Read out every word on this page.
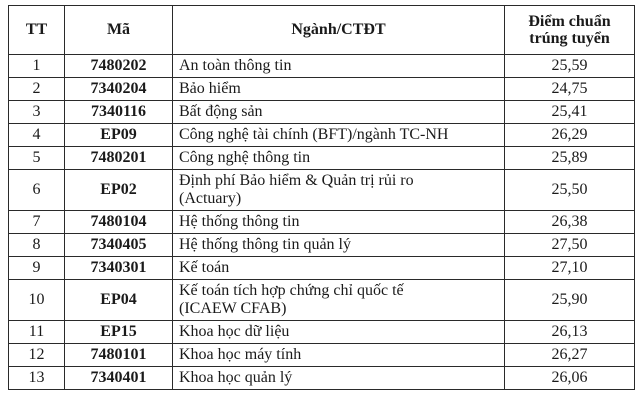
TT	Mã	Ngành/CTĐT	Điểm chuẩn
trúng tuyển

1	7480202	An toàn thông tin	25,59
2	7340204	Bảo hiểm	24,75
3	7340116	Bất động sản	25,41
4	EP09	Công nghệ tài chính (BFT)/ngành TC-NH	26,29
5	7480201	Công nghệ thông tin	25,89
6	EP02	Định phí Bảo hiểm & Quản trị rủi ro
(Actuary)	25,50
7	7480104	Hệ thống thông tin	26,38
8	7340405	Hệ thống thông tin quản lý	27,50
9	7340301	Kế toán	27,10
10	EP04	Kế toán tích hợp chứng chỉ quốc tế
(ICAEW CFAB)	25,90
11	EP15	Khoa học dữ liệu	26,13
12	7480101	Khoa học máy tính	26,27
13	7340401	Khoa học quản lý	26,06
